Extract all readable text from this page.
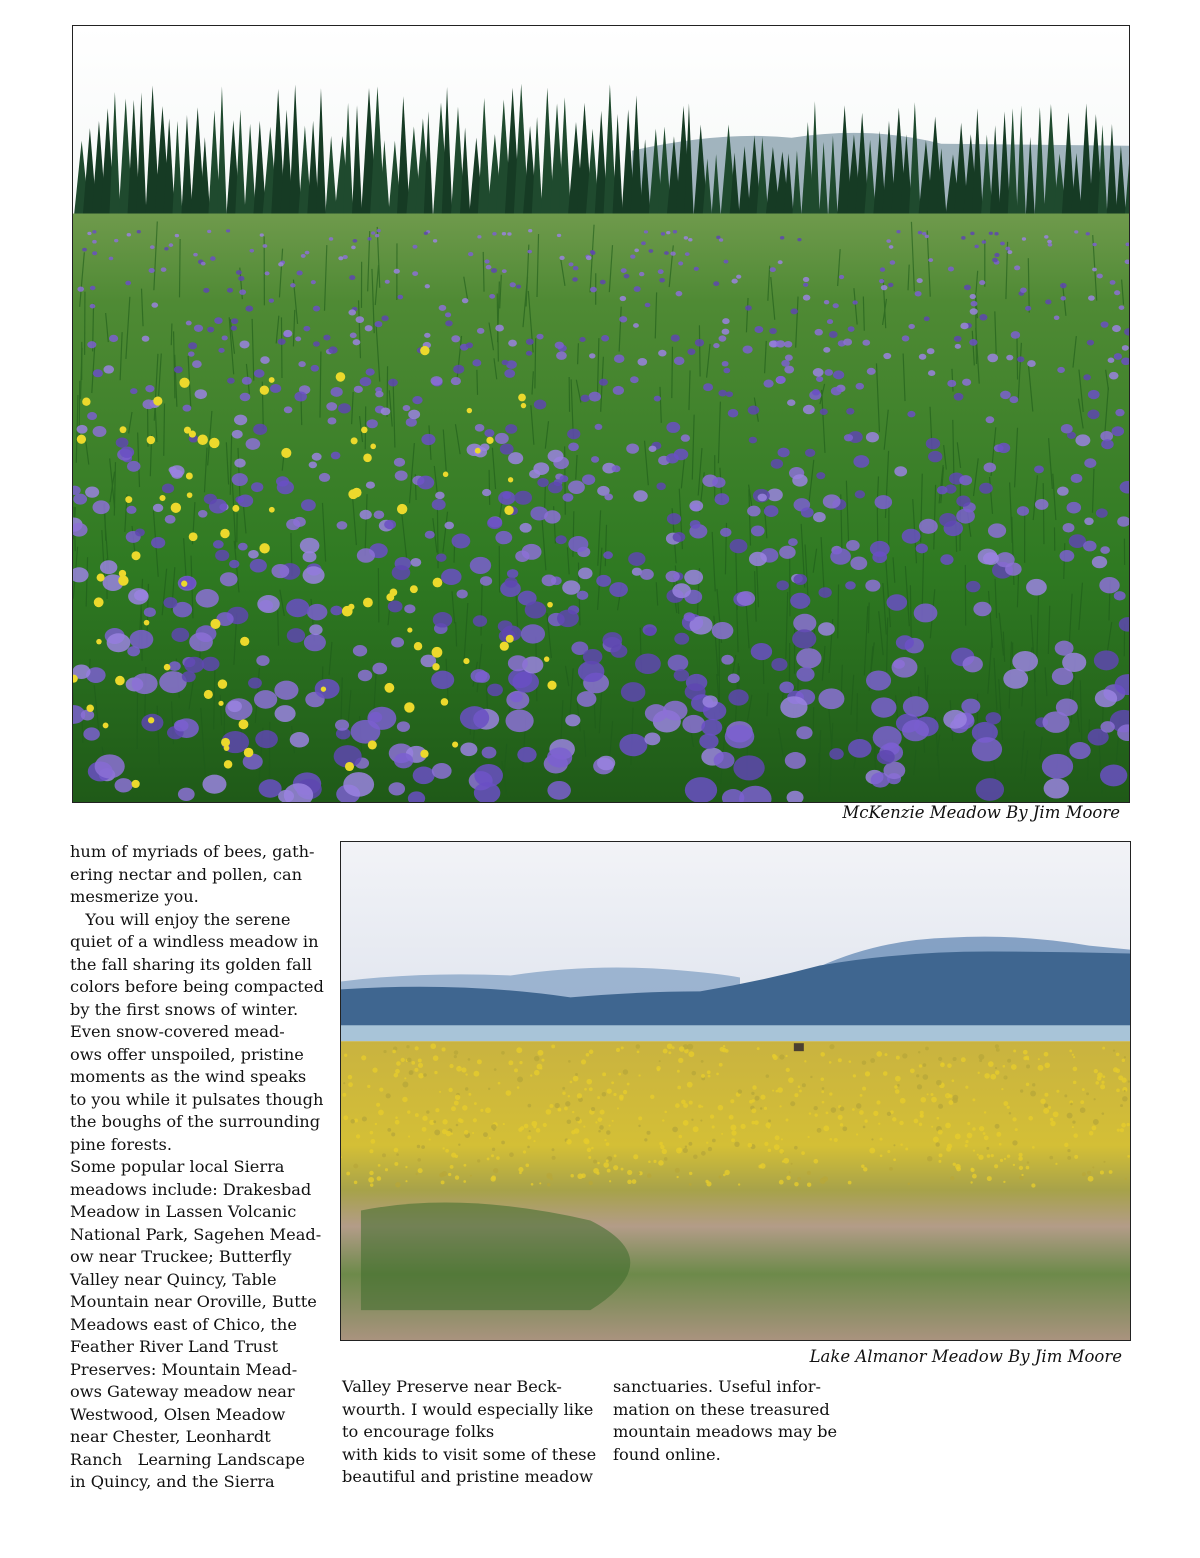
McKenzie Meadow By Jim Moore
Lake Almanor Meadow By Jim Moore
hum of myriads of bees, gath-
ering nectar and pollen, can
mesmerize you.
You will enjoy the serene
quiet of a windless meadow in
the fall sharing its golden fall
colors before being compacted
by the first snows of winter.
Even snow-covered mead-
ows offer unspoiled, pristine
moments as the wind speaks
to you while it pulsates though
the boughs of the surrounding
pine forests.
Some popular local Sierra
meadows include: Drakesbad
Meadow in Lassen Volcanic
National Park, Sagehen Mead-
ow near Truckee; Butterfly
Valley near Quincy, Table
Mountain near Oroville, Butte
Meadows east of Chico, the
Feather River Land Trust
Preserves: Mountain Mead-
ows Gateway meadow near
Westwood, Olsen Meadow
near Chester, Leonhardt
Ranch   Learning Landscape
in Quincy, and the Sierra
Valley Preserve near Beck-
wourth. I would especially like
to encourage folks
with kids to visit some of these
beautiful and pristine meadow
sanctuaries. Useful infor-
mation on these treasured
mountain meadows may be
found online.
